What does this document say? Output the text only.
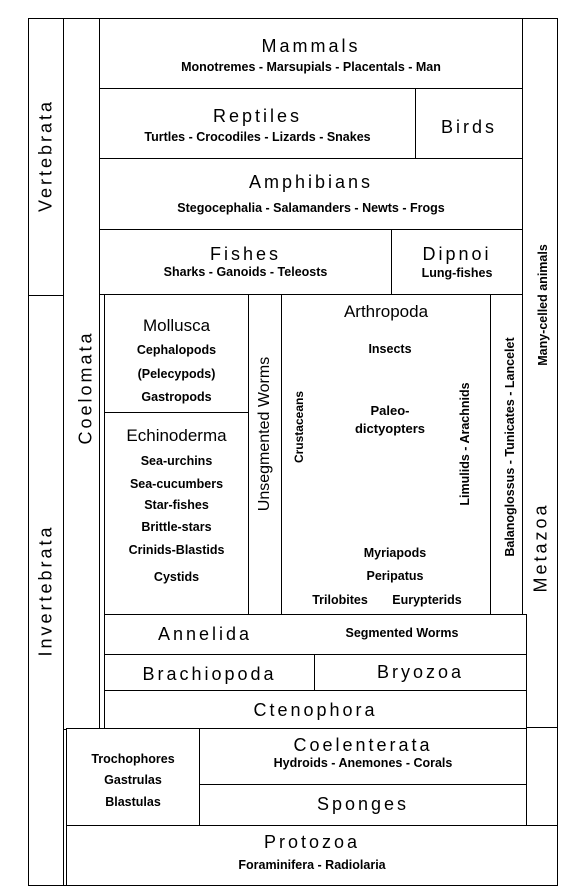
Vertebrata
Invertebrata
Coelomata
Many-celled animals
Metazoa
Balanoglossus - Tunicates - Lancelet
Mammals
Monotremes - Marsupials - Placentals - Man
Reptiles
Turtles - Crocodiles - Lizards - Snakes	Birds
Amphibians
Stegocephalia - Salamanders - Newts - Frogs
Fishes
Sharks - Ganoids - Teleosts
Dipnoi
Lung-fishes
Mollusca
Cephalopods
(Pelecypods)
Gastropods
Echinoderma
Sea-urchins
Sea-cucumbers
Star-fishes
Brittle-stars
Crinids-Blastids
Cystids
Unsegmented Worms
Arthropoda
Insects
Crustaceans	Paleo-
dictyopters	Limulids - Arachnids
Myriapods
Peripatus
Trilobites	Eurypterids
Annelida	Segmented Worms
Brachiopoda	Bryozoa
Ctenophora
Trochophores
Gastrulas
Blastulas
Coelenterata
Hydroids - Anemones - Corals
Sponges
Protozoa
Foraminifera - Radiolaria
